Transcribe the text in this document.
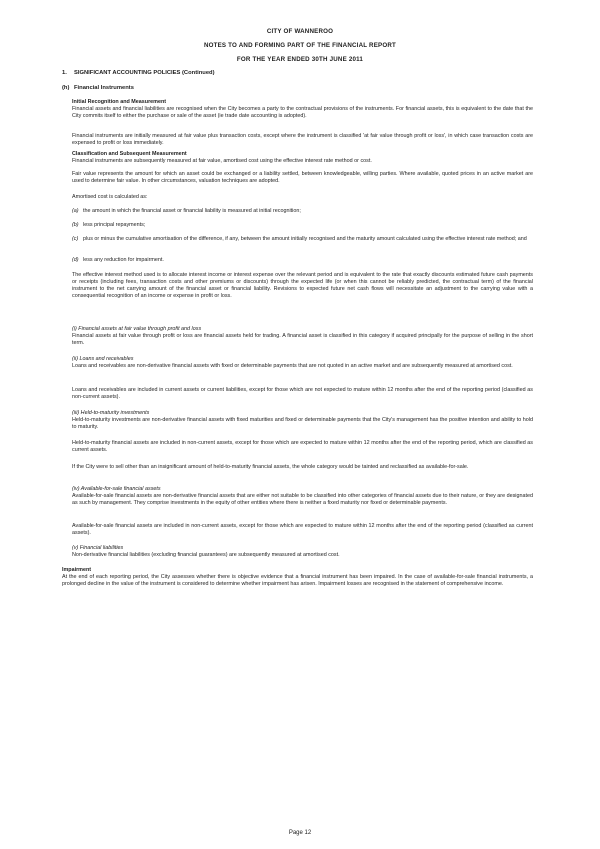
CITY OF WANNEROO
NOTES TO AND FORMING PART OF THE FINANCIAL REPORT
FOR THE YEAR ENDED 30TH JUNE 2011
1. SIGNIFICANT ACCOUNTING POLICIES (Continued)
(h) Financial Instruments
Initial Recognition and Measurement

Financial assets and financial liabilities are recognised when the City becomes a party to the contractual provisions of the instruments. For financial assets, this is equivalent to the date that the City commits itself to either the purchase or sale of the asset (ie trade date accounting is adopted).

Financial instruments are initially measured at fair value plus transaction costs, except where the instrument is classified 'at fair value through profit or loss', in which case transaction costs are expensed to profit or loss immediately.

Classification and Subsequent Measurement

Financial instruments are subsequently measured at fair value, amortised cost using the effective interest rate method or cost.

Fair value represents the amount for which an asset could be exchanged or a liability settled, between knowledgeable, willing parties. Where available, quoted prices in an active market are used to determine fair value. In other circumstances, valuation techniques are adopted.

Amortised cost is calculated as:

(a) the amount in which the financial asset or financial liability is measured at initial recognition;

(b) less principal repayments;

(c) plus or minus the cumulative amortisation of the difference, if any, between the amount initially recognised and the maturity amount calculated using the effective interest rate method; and

(d) less any reduction for impairment.

The effective interest method used is to allocate interest income or interest expense over the relevant period and is equivalent to the rate that exactly discounts estimated future cash payments or receipts (including fees, transaction costs and other premiums or discounts) through the expected life (or when this cannot be reliably predicted, the contractual term) of the financial instrument to the net carrying amount of the financial asset or financial liability. Revisions to expected future net cash flows will necessitate an adjustment to the carrying value with a consequential recognition of an income or expense in profit or loss.

(i) Financial assets at fair value through profit and loss

Financial assets at fair value through profit or loss are financial assets held for trading. A financial asset is classified in this category if acquired principally for the purpose of selling in the short term.

(ii) Loans and receivables

Loans and receivables are non-derivative financial assets with fixed or determinable payments that are not quoted in an active market and are subsequently measured at amortised cost.

Loans and receivables are included in current assets or current liabilities, except for those which are not expected to mature within 12 months after the end of the reporting period (classified as non-current assets).

(iii) Held-to-maturity investments

Held-to-maturity investments are non-derivative financial assets with fixed maturities and fixed or determinable payments that the City's management has the positive intention and ability to hold to maturity.

Held-to-maturity financial assets are included in non-current assets, except for those which are expected to mature within 12 months after the end of the reporting period, which are classified as current assets.

If the City were to sell other than an insignificant amount of held-to-maturity financial assets, the whole category would be tainted and reclassified as available-for-sale.

(iv) Available-for-sale financial assets

Available-for-sale financial assets are non-derivative financial assets that are either not suitable to be classified into other categories of financial assets due to their nature, or they are designated as such by management. They comprise investments in the equity of other entities where there is neither a fixed maturity nor fixed or determinable payments.

Available-for-sale financial assets are included in non-current assets, except for those which are expected to mature within 12 months after the end of the reporting period (classified as current assets).

(v) Financial liabilities

Non-derivative financial liabilities (excluding financial guarantees) are subsequently measured at amortised cost.

Impairment

At the end of each reporting period, the City assesses whether there is objective evidence that a financial instrument has been impaired. In the case of available-for-sale financial instruments, a prolonged decline in the value of the instrument is considered to determine whether impairment has arisen. Impairment losses are recognised in the statement of comprehensive income.

Page 12
